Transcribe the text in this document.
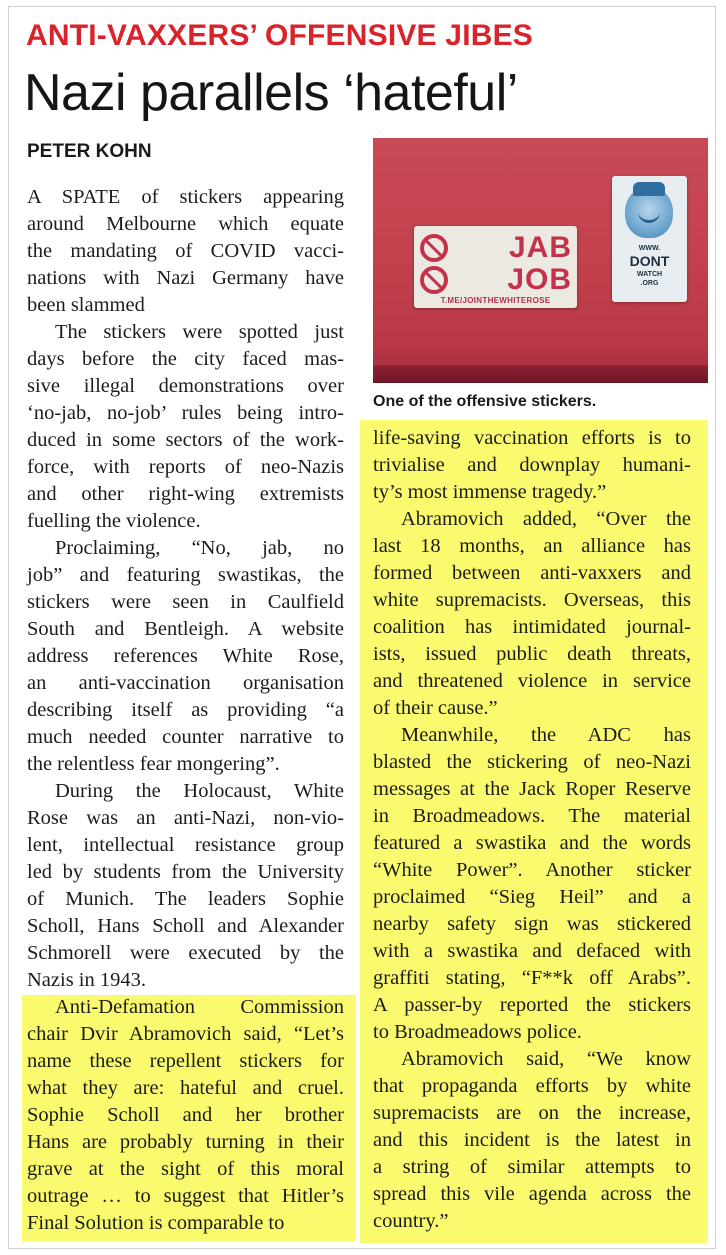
ANTI-VAXXERS’ OFFENSIVE JIBES
Nazi parallels ‘hateful’
PETER KOHN
JAB
JOB
T.ME/JOINTHEWHITEROSE
WWW.
DONT
WATCH
.ORG
One of the offensive stickers.
A SPATE of stickers appearing
around Melbourne which equate
the mandating of COVID vacci-
nations with Nazi Germany have
been slammed
The stickers were spotted just
days before the city faced mas-
sive illegal demonstrations over
‘no-jab, no-job’ rules being intro-
duced in some sectors of the work-
force, with reports of neo-Nazis
and other right-wing extremists
fuelling the violence.
Proclaiming, “No, jab, no
job” and featuring swastikas, the
stickers were seen in Caulfield
South and Bentleigh. A website
address references White Rose,
an anti-vaccination organisation
describing itself as providing “a
much needed counter narrative to
the relentless fear mongering”.
During the Holocaust, White
Rose was an anti-Nazi, non-vio-
lent, intellectual resistance group
led by students from the University
of Munich. The leaders Sophie
Scholl, Hans Scholl and Alexander
Schmorell were executed by the
Nazis in 1943.
Anti-Defamation Commission
chair Dvir Abramovich said, “Let’s
name these repellent stickers for
what they are: hateful and cruel.
Sophie Scholl and her brother
Hans are probably turning in their
grave at the sight of this moral
outrage … to suggest that Hitler’s
Final Solution is comparable to
life-saving vaccination efforts is to
trivialise and downplay humani-
ty’s most immense tragedy.”
Abramovich added, “Over the
last 18 months, an alliance has
formed between anti-vaxxers and
white supremacists. Overseas, this
coalition has intimidated journal-
ists, issued public death threats,
and threatened violence in service
of their cause.”
Meanwhile, the ADC has
blasted the stickering of neo-Nazi
messages at the Jack Roper Reserve
in Broadmeadows. The material
featured a swastika and the words
“White Power”. Another sticker
proclaimed “Sieg Heil” and a
nearby safety sign was stickered
with a swastika and defaced with
graffiti stating, “F**k off Arabs”.
A passer-by reported the stickers
to Broadmeadows police.
Abramovich said, “We know
that propaganda efforts by white
supremacists are on the increase,
and this incident is the latest in
a string of similar attempts to
spread this vile agenda across the
country.”
